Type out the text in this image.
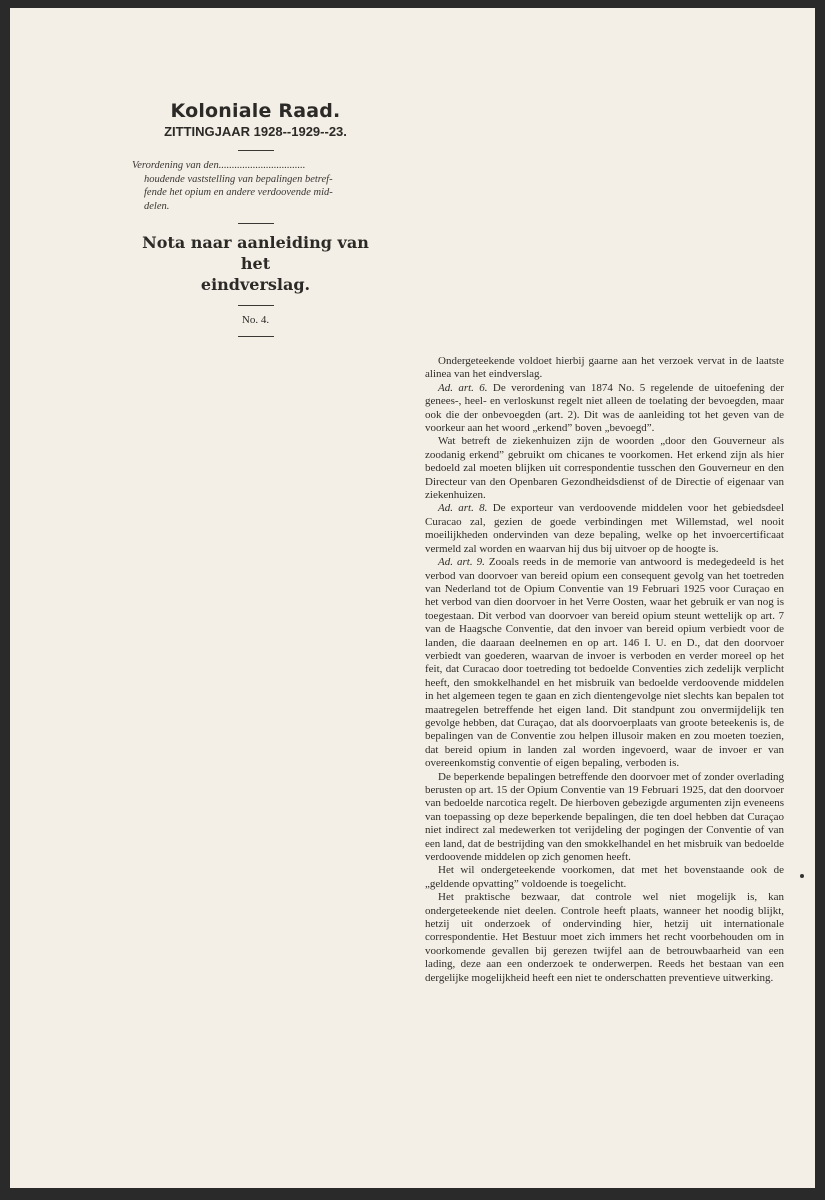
Koloniale Raad.
ZITTINGJAAR 1928--1929--23.
Verordening van den.................................
houdende vaststelling van bepalingen betref-
fende het opium en andere verdoovende mid-
delen.
Nota naar aanleiding van het
eindverslag.
No. 4.

Ondergeteekende voldoet hierbij gaarne aan het verzoek vervat in de laatste alinea van het eindverslag.

Ad. art. 6. De verordening van 1874 No. 5 regelende de uitoefening der genees-, heel- en verloskunst regelt niet alleen de toelating der bevoegden, maar ook die der onbevoegden (art. 2). Dit was de aanleiding tot het geven van de voorkeur aan het woord „erkend” boven „bevoegd”.

Wat betreft de ziekenhuizen zijn de woorden „door den Gouverneur als zoodanig erkend” gebruikt om chicanes te voorkomen. Het erkend zijn als hier bedoeld zal moeten blijken uit correspondentie tusschen den Gouverneur en den Directeur van den Openbaren Gezondheidsdienst of de Directie of eigenaar van ziekenhuizen.

Ad. art. 8. De exporteur van verdoovende middelen voor het gebiedsdeel Curacao zal, gezien de goede verbindingen met Willemstad, wel nooit moeilijkheden ondervinden van deze bepaling, welke op het invoercertificaat vermeld zal worden en waarvan hij dus bij uitvoer op de hoogte is.

Ad. art. 9. Zooals reeds in de memorie van antwoord is medegedeeld is het verbod van doorvoer van bereid opium een consequent gevolg van het toetreden van Nederland tot de Opium Conventie van 19 Februari 1925 voor Curaçao en het verbod van dien doorvoer in het Verre Oosten, waar het gebruik er van nog is toegestaan. Dit verbod van doorvoer van bereid opium steunt wettelijk op art. 7 van de Haagsche Conventie, dat den invoer van bereid opium verbiedt voor de landen, die daaraan deelnemen en op art. 146 I. U. en D., dat den doorvoer verbiedt van goederen, waarvan de invoer is verboden en verder moreel op het feit, dat Curacao door toetreding tot bedoelde Conventies zich zedelijk verplicht heeft, den smokkelhandel en het misbruik van bedoelde verdoovende middelen in het algemeen tegen te gaan en zich dientengevolge niet slechts kan bepalen tot maatregelen betreffende het eigen land. Dit standpunt zou onvermijdelijk ten gevolge hebben, dat Curaçao, dat als doorvoerplaats van groote beteekenis is, de bepalingen van de Conventie zou helpen illusoir maken en zou moeten toezien, dat bereid opium in landen zal worden ingevoerd, waar de invoer er van overeenkomstig conventie of eigen bepaling, verboden is.

De beperkende bepalingen betreffende den doorvoer met of zonder overlading berusten op art. 15 der Opium Conventie van 19 Februari 1925, dat den doorvoer van bedoelde narcotica regelt. De hierboven gebezigde argumenten zijn eveneens van toepassing op deze beperkende bepalingen, die ten doel hebben dat Curaçao niet indirect zal medewerken tot verijdeling der pogingen der Conventie of van een land, dat de bestrijding van den smokkelhandel en het misbruik van bedoelde verdoovende middelen op zich genomen heeft.

Het wil ondergeteekende voorkomen, dat met het bovenstaande ook de „geldende opvatting” voldoende is toegelicht.

Het praktische bezwaar, dat controle wel niet mogelijk is, kan ondergeteekende niet deelen. Controle heeft plaats, wanneer het noodig blijkt, hetzij uit onderzoek of ondervinding hier, hetzij uit internationale correspondentie. Het Bestuur moet zich immers het recht voorbehouden om in voorkomende gevallen bij gerezen twijfel aan de betrouwbaarheid van een lading, deze aan een onderzoek te onderwerpen. Reeds het bestaan van een dergelijke mogelijkheid heeft een niet te onderschatten preventieve uitwerking.
